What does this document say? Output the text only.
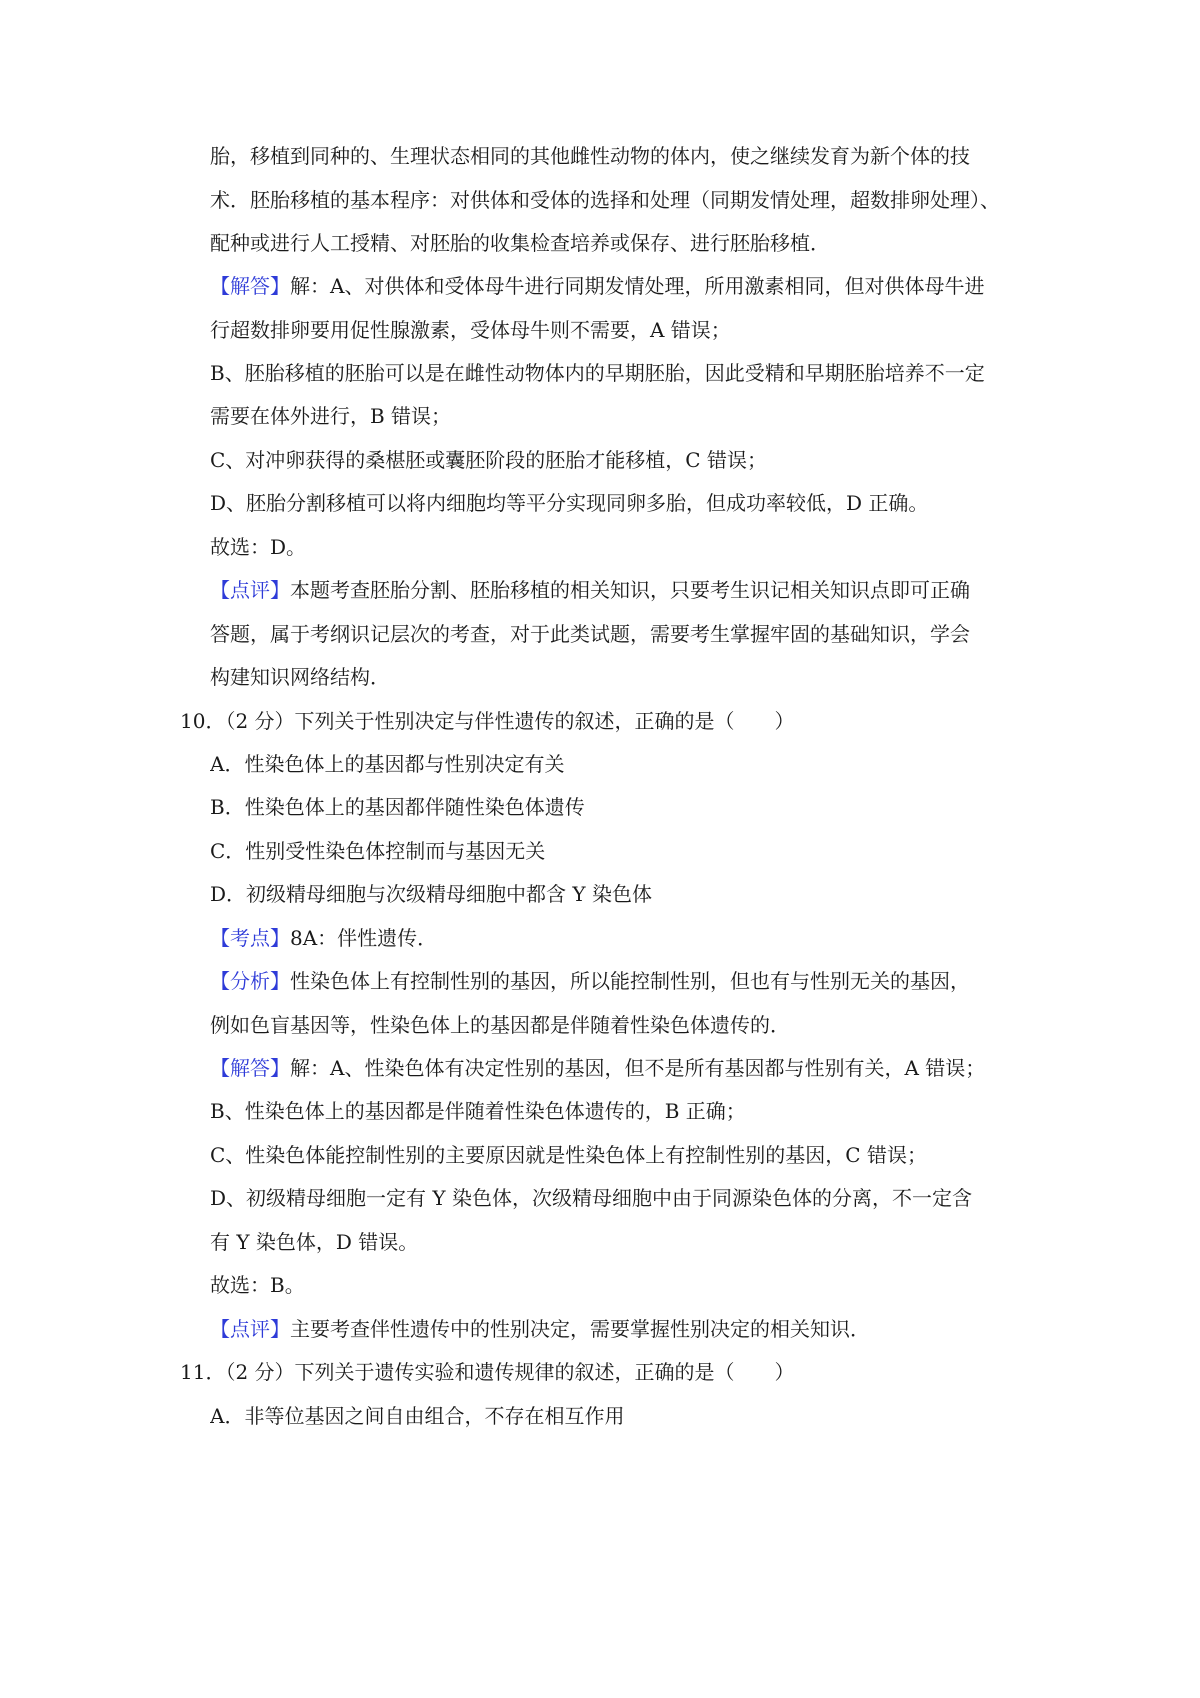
胎，移植到同种的、生理状态相同的其他雌性动物的体内，使之继续发育为新个体的技
术．胚胎移植的基本程序：对供体和受体的选择和处理（同期发情处理，超数排卵处理）、
配种或进行人工授精、对胚胎的收集检查培养或保存、进行胚胎移植．
【解答】解：A、对供体和受体母牛进行同期发情处理，所用激素相同，但对供体母牛进
行超数排卵要用促性腺激素，受体母牛则不需要，A 错误；
B、胚胎移植的胚胎可以是在雌性动物体内的早期胚胎，因此受精和早期胚胎培养不一定
需要在体外进行，B 错误；
C、对冲卵获得的桑椹胚或囊胚阶段的胚胎才能移植，C 错误；
D、胚胎分割移植可以将内细胞均等平分实现同卵多胎，但成功率较低，D 正确。
故选：D。
【点评】本题考查胚胎分割、胚胎移植的相关知识，只要考生识记相关知识点即可正确
答题，属于考纲识记层次的考查，对于此类试题，需要考生掌握牢固的基础知识，学会
构建知识网络结构．
10．（2 分）下列关于性别决定与伴性遗传的叙述，正确的是（　　）
A．性染色体上的基因都与性别决定有关
B．性染色体上的基因都伴随性染色体遗传
C．性别受性染色体控制而与基因无关
D．初级精母细胞与次级精母细胞中都含 Y 染色体
【考点】8A：伴性遗传．
【分析】性染色体上有控制性别的基因，所以能控制性别，但也有与性别无关的基因，
例如色盲基因等，性染色体上的基因都是伴随着性染色体遗传的．
【解答】解：A、性染色体有决定性别的基因，但不是所有基因都与性别有关，A 错误；
B、性染色体上的基因都是伴随着性染色体遗传的，B 正确；
C、性染色体能控制性别的主要原因就是性染色体上有控制性别的基因，C 错误；
D、初级精母细胞一定有 Y 染色体，次级精母细胞中由于同源染色体的分离，不一定含
有 Y 染色体，D 错误。
故选：B。
【点评】主要考查伴性遗传中的性别决定，需要掌握性别决定的相关知识．
11．（2 分）下列关于遗传实验和遗传规律的叙述，正确的是（　　）
A．非等位基因之间自由组合，不存在相互作用
